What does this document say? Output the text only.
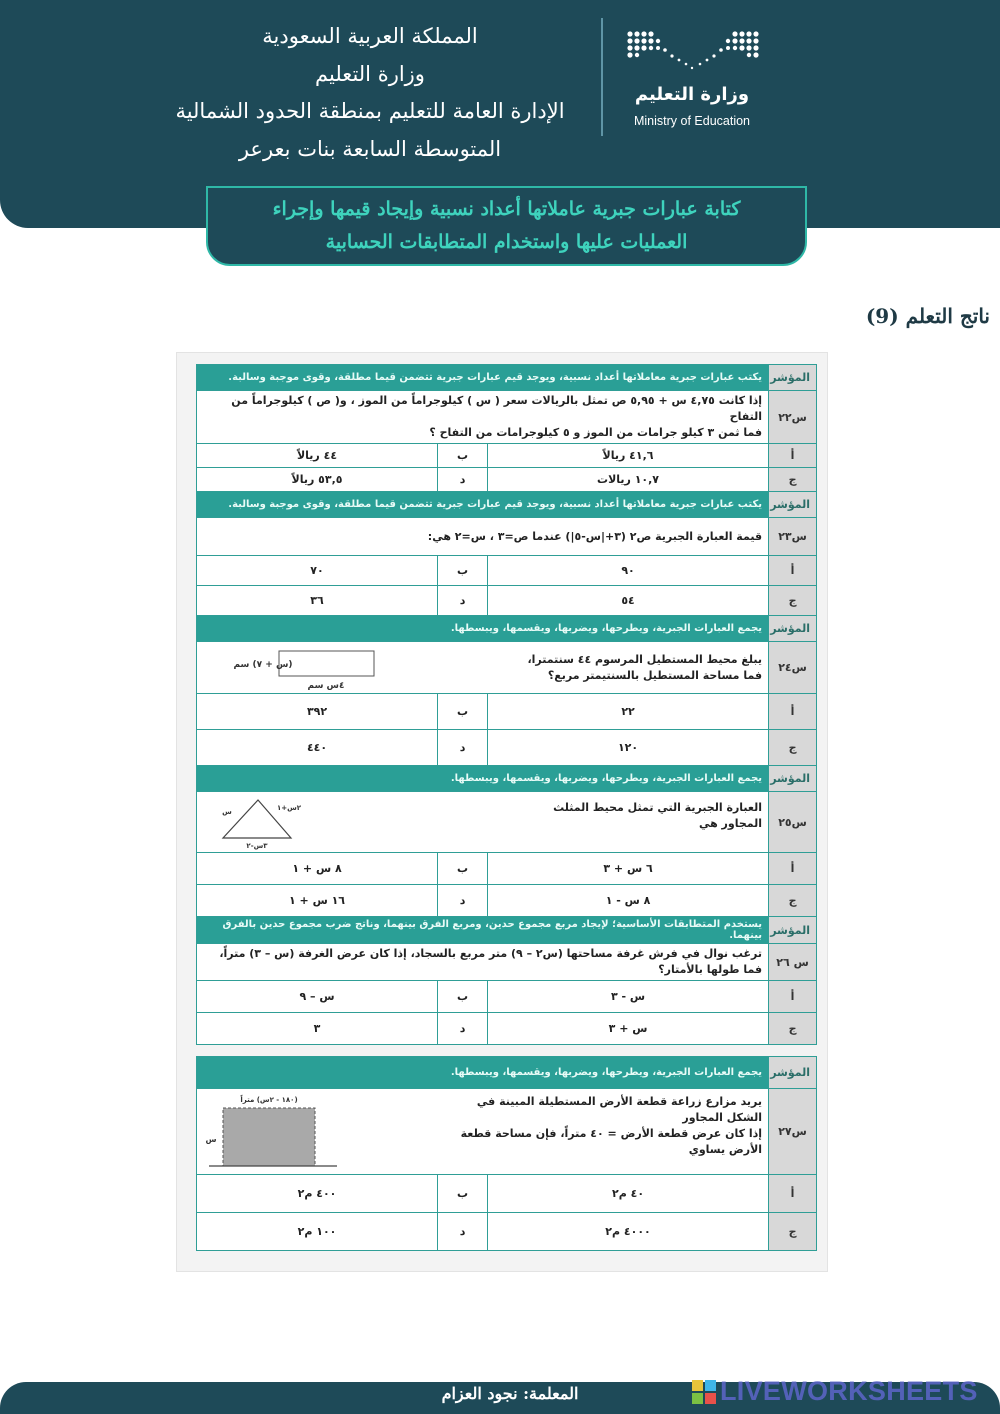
المملكة العربية السعودية
وزارة التعليم
الإدارة العامة للتعليم بمنطقة الحدود الشمالية
المتوسطة السابعة بنات بعرعر
وزارة التعليم
Ministry of Education
كتابة عبارات جبرية عاملاتها أعداد نسبية وإيجاد قيمها وإجراء
العمليات عليها واستخدام المتطابقات الحسابية
ناتج التعلم (9)
المؤشر	يكتب عبارات جبرية معاملاتها أعداد نسبية، ويوجد قيم عبارات جبرية تتضمن قيما مطلقة، وقوى موجبة وسالبة.		
س٢٢	إذا كانت ٤,٧٥ س + ٥,٩٥ ص تمثل بالريالات سعر ( س ) كيلوجراماً من الموز ، و( ص ) كيلوجراماً من التفاح
فما ثمن ٣ كيلو جرامات من الموز و ٥ كيلوجرامات من التفاح ؟		

أ	٤١,٦ ريالاً	ب	٤٤ ريالاً
ج	١٠,٧ ريالات	د	٥٣,٥ ريالاً
المؤشر	يكتب عبارات جبرية معاملاتها أعداد نسبية، ويوجد قيم عبارات جبرية تتضمن قيما مطلقة، وقوى موجبة وسالبة.		
س٢٣	قيمة العبارة الجبرية ص٢ (٣+|س-٥|) عندما ص=٣ ، س=٢ هي:		
أ	٩٠	ب	٧٠
ج	٥٤	د	٣٦
المؤشر	يجمع العبارات الجبرية، ويطرحها، ويضربها، ويقسمها، ويبسطها.		
س٢٤	يبلغ محيط المستطيل المرسوم ٤٤ سنتمترا،
فما مساحة المستطيل بالسنتيمتر مربع؟
(س + ٧) سم
٤س سم		

أ	٢٢	ب	٣٩٢
ج	١٢٠	د	٤٤٠
المؤشر	يجمع العبارات الجبرية، ويطرحها، ويضربها، ويقسمها، ويبسطها.		
س٢٥	العبارة الجبرية التي تمثل محيط المثلث المجاور هي
س ٢س+١
٣س-٢		

أ	٦ س + ٣	ب	٨ س + ١
ج	٨ س - ١	د	١٦ س + ١
المؤشر	يستخدم المتطابقات الأساسية؛ لإيجاد مربع مجموع حدين، ومربع الفرق بينهما، وناتج ضرب مجموع حدين بالفرق بينهما.		
س ٢٦	ترغب نوال في فرش غرفة مساحتها (س٢ – ٩) متر مربع بالسجاد، إذا كان عرض الغرفة (س – ٣) متراً، فما طولها بالأمتار؟		
أ	س - ٣	ب	س – ٩
ج	س + ٣	د	٣
المؤشر	يجمع العبارات الجبرية، ويطرحها، ويضربها، ويقسمها، ويبسطها.		
س٢٧	يريد مزارع زراعة قطعة الأرض المستطيلة المبينة في الشكل المجاور
إذا كان عرض قطعة الأرض = ٤٠ متراً، فإن مساحة قطعة الأرض يساوي
(١٨٠ - ٢س) متراً
س		

أ	٤٠ م٢	ب	٤٠٠ م٢
ج	٤٠٠٠ م٢	د	١٠٠ م٢
المعلمة: نجود العزام	LIVEWORKSHEETS
